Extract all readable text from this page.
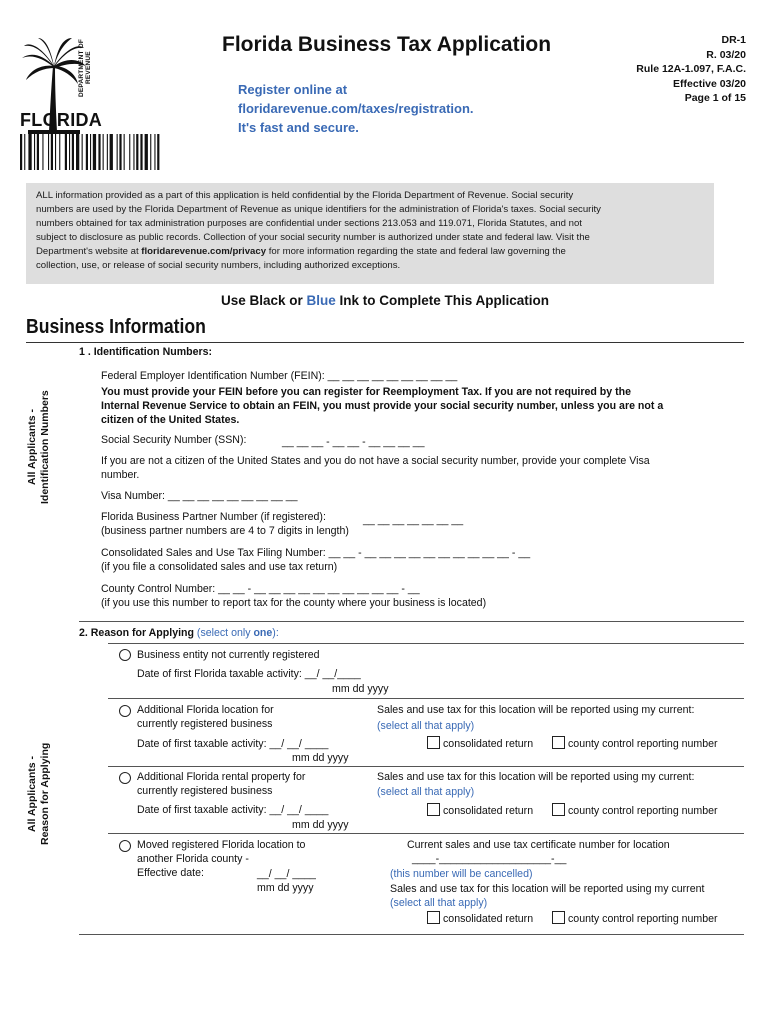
DEPARTMENT OF REVENUE
FLORIDA
Florida Business Tax Application
Register online at
floridarevenue.com/taxes/registration.
It's fast and secure.
DR-1
R. 03/20
Rule 12A-1.097, F.A.C.
Effective 03/20
Page 1 of 15
ALL information provided as a part of this application is held confidential by the Florida Department of Revenue. Social security
numbers are used by the Florida Department of Revenue as unique identifiers for the administration of Florida's taxes. Social security
numbers obtained for tax administration purposes are confidential under sections 213.053 and 119.071, Florida Statutes, and not
subject to disclosure as public records. Collection of your social security number is authorized under state and federal law. Visit the
Department's website at floridarevenue.com/privacy for more information regarding the state and federal law governing the
collection, use, or release of social security numbers, including authorized exceptions.
Use Black or Blue Ink to Complete This Application
Business Information
All Applicants - Identification Numbers
All Applicants - Reason for Applying
1 . Identification Numbers:
Federal Employer Identification Number (FEIN): __ __ __ __ __ __ __ __ __
You must provide your FEIN before you can register for Reemployment Tax. If you are not required by the
Internal Revenue Service to obtain an FEIN, you must provide your social security number, unless you are not a
citizen of the United States.
Social Security Number (SSN):	__ __ __ - __ __ - __ __ __ __
If you are not a citizen of the United States and you do not have a social security number, provide your complete Visa
number.
Visa Number: __ __ __ __ __ __ __ __ __
Florida Business Partner Number (if registered):	__ __ __ __ __ __ __
(business partner numbers are 4 to 7 digits in length)
Consolidated Sales and Use Tax Filing Number: __ __ - __ __ __ __ __ __ __ __ __ __ - __
(if you file a consolidated sales and use tax return)
County Control Number: __ __ - __ __ __ __ __ __ __ __ __ __ - __
(if you use this number to report tax for the county where your business is located)
2. Reason for Applying (select only one):
Business entity not currently registered
Date of first Florida taxable activity: __/ __/____
mm dd yyyy
Additional Florida location for
currently registered business
Date of first taxable activity: __/ __/ ____
mm dd yyyy
Sales and use tax for this location will be reported using my current:
(select all that apply)
consolidated return	county control reporting number
Additional Florida rental property for
currently registered business
Date of first taxable activity: __/ __/ ____
mm dd yyyy
Sales and use tax for this location will be reported using my current:
(select all that apply)
consolidated return	county control reporting number
Moved registered Florida location to
another Florida county -
Effective date:	__/ __/ ____
mm dd yyyy
Current sales and use tax certificate number for location
____-___________________-__
(this number will be cancelled)
Sales and use tax for this location will be reported using my current
(select all that apply)
consolidated return	county control reporting number
